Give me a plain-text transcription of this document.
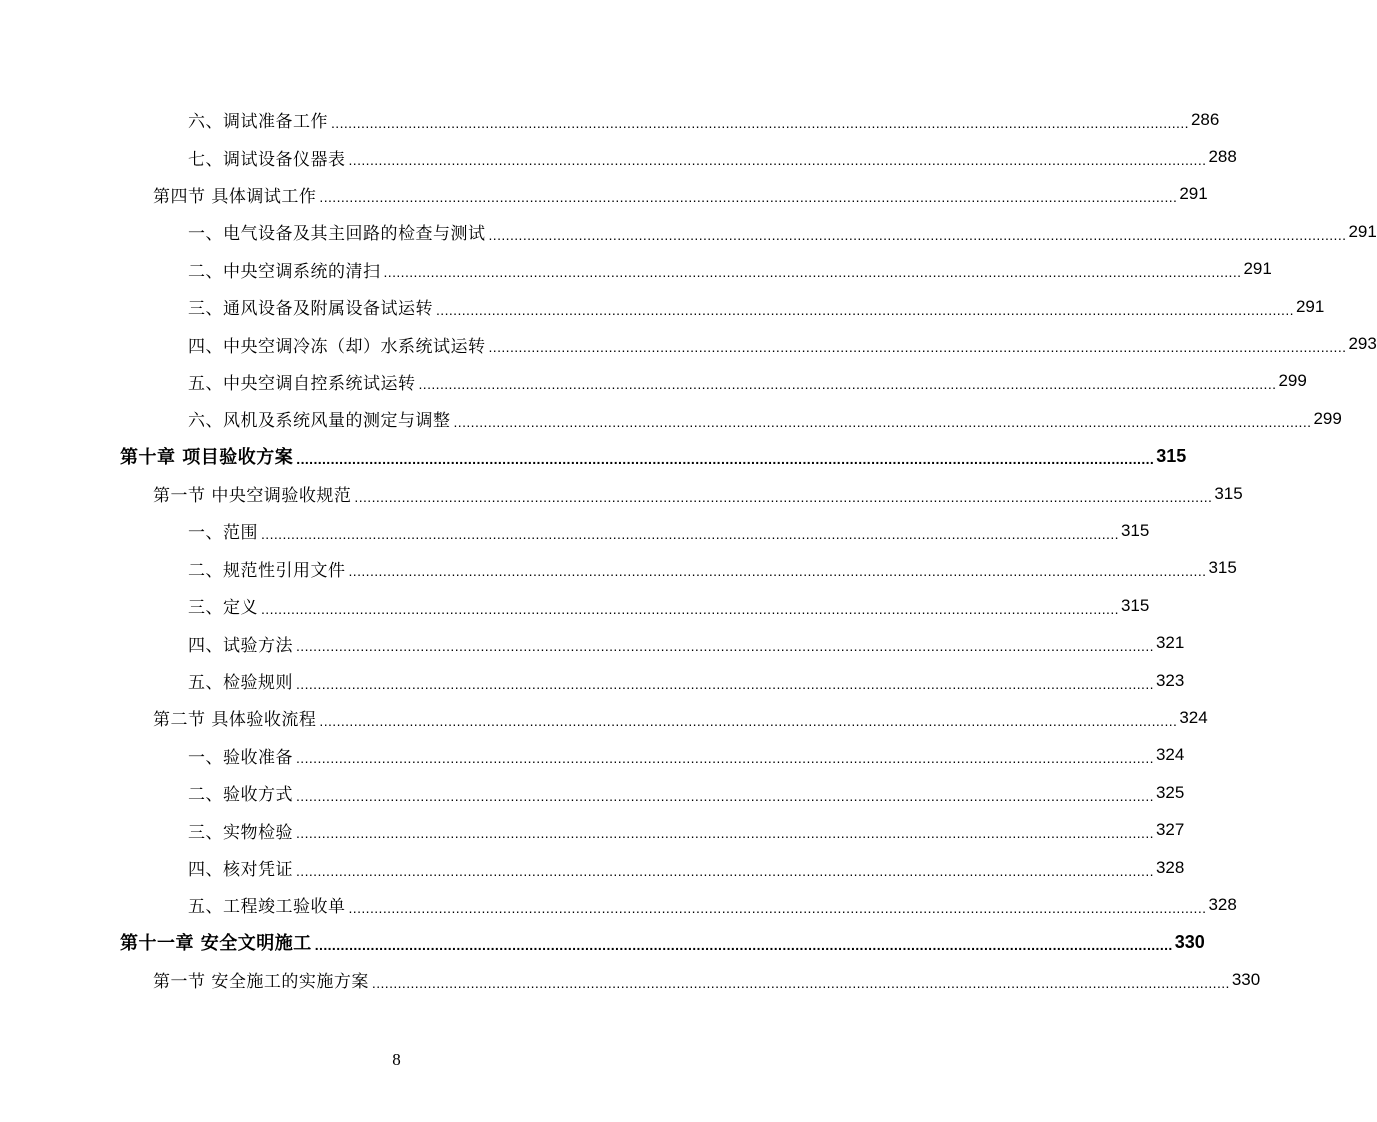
六、调试准备工作 ........................................................................................................................................................................................................ 286
七、调试设备仪器表 ........................................................................................................................................................................................................ 288
第四节 具体调试工作 ........................................................................................................................................................................................................ 291
一、电气设备及其主回路的检查与测试 ........................................................................................................................................................................................................ 291
二、中央空调系统的清扫 ........................................................................................................................................................................................................ 291
三、通风设备及附属设备试运转 ........................................................................................................................................................................................................ 291
四、中央空调冷冻（却）水系统试运转 ........................................................................................................................................................................................................ 293
五、中央空调自控系统试运转 ........................................................................................................................................................................................................ 299
六、风机及系统风量的测定与调整 ........................................................................................................................................................................................................ 299
第十章 项目验收方案 ........................................................................................................................................................................................................ 315
第一节 中央空调验收规范 ........................................................................................................................................................................................................ 315
一、范围 ........................................................................................................................................................................................................ 315
二、规范性引用文件 ........................................................................................................................................................................................................ 315
三、定义 ........................................................................................................................................................................................................ 315
四、试验方法 ........................................................................................................................................................................................................ 321
五、检验规则 ........................................................................................................................................................................................................ 323
第二节 具体验收流程 ........................................................................................................................................................................................................ 324
一、验收准备 ........................................................................................................................................................................................................ 324
二、验收方式 ........................................................................................................................................................................................................ 325
三、实物检验 ........................................................................................................................................................................................................ 327
四、核对凭证 ........................................................................................................................................................................................................ 328
五、工程竣工验收单 ........................................................................................................................................................................................................ 328
第十一章 安全文明施工 ........................................................................................................................................................................................................ 330
第一节 安全施工的实施方案 ........................................................................................................................................................................................................ 330
8
